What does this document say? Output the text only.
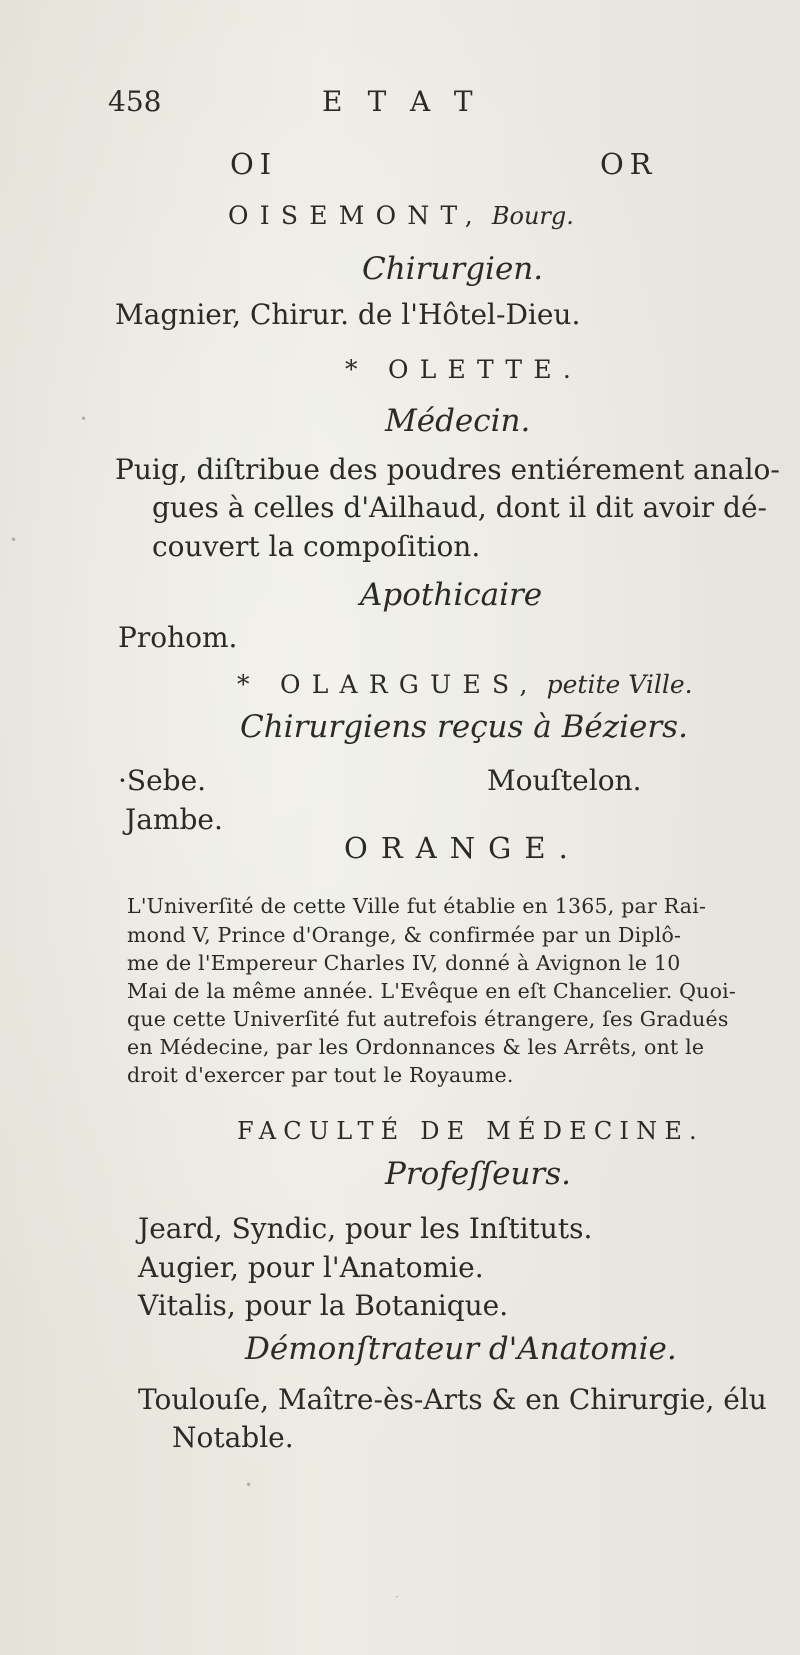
458	ETAT
OI	OR
OISEMONT, Bourg.
Chirurgien.
Magnier, Chirur. de l'Hôtel-Dieu.
* OLETTE.
Médecin.
Puig, diſtribue des poudres entiérement analo-
gues à celles d'Ailhaud, dont il dit avoir dé-
couvert la compoſition.
Apothicaire
Prohom.
* OLARGUES, petite Ville.
Chirurgiens reçus à Béziers.
·Sebe.	Mouſtelon.
Jambe.
ORANGE.
L'Univerſité de cette Ville fut établie en 1365, par Rai-
mond V, Prince d'Orange, & confirmée par un Diplô-
me de l'Empereur Charles IV, donné à Avignon le 10
Mai de la même année. L'Evêque en eſt Chancelier. Quoi-
que cette Univerſité fut autrefois étrangere, ſes Gradués
en Médecine, par les Ordonnances & les Arrêts, ont le
droit d'exercer par tout le Royaume.
FACULTÉ DE MÉDECINE.
Profeſſeurs.
Jeard, Syndic, pour les Inſtituts.
Augier, pour l'Anatomie.
Vitalis, pour la Botanique.
Démonſtrateur d'Anatomie.
Toulouſe, Maître-ès-Arts & en Chirurgie, élu
Notable.
•
•
•
·
